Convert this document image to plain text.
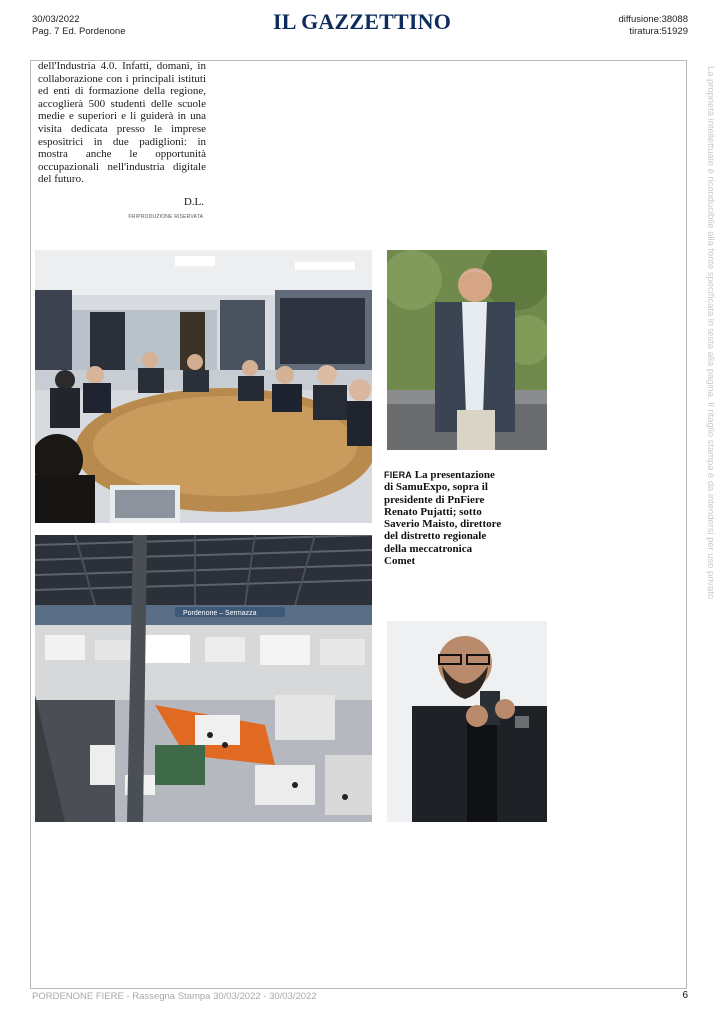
30/03/2022
Pag. 7 Ed. Pordenone	IL GAZZETTINO	diffusione:38088
tiratura:51929

dell'Industria 4.0. Infatti, domani, in collaborazione con i principali istituti ed enti di formazione della regione, accoglierà 500 studenti delle scuole medie e superiori e li guiderà in una visita dedicata presso le imprese espositrici in due padiglioni: in mostra anche le opportunità occupazionali nell'industria digitale del futuro.

D.L.
©RIPRODUZIONE RISERVATA
Pordenone – Sermazza
FIERA La presentazione di SamuExpo, sopra il presidente di PnFiere Renato Pujatti; sotto Saverio Maisto, direttore del distretto regionale della meccatronica Comet	La proprietà intellettuale è riconducibile alla fonte specificata in testa alla pagina. Il ritaglio stampa è da intendersi per uso privato
PORDENONE FIERE - Rassegna Stampa 30/03/2022 - 30/03/2022	6
